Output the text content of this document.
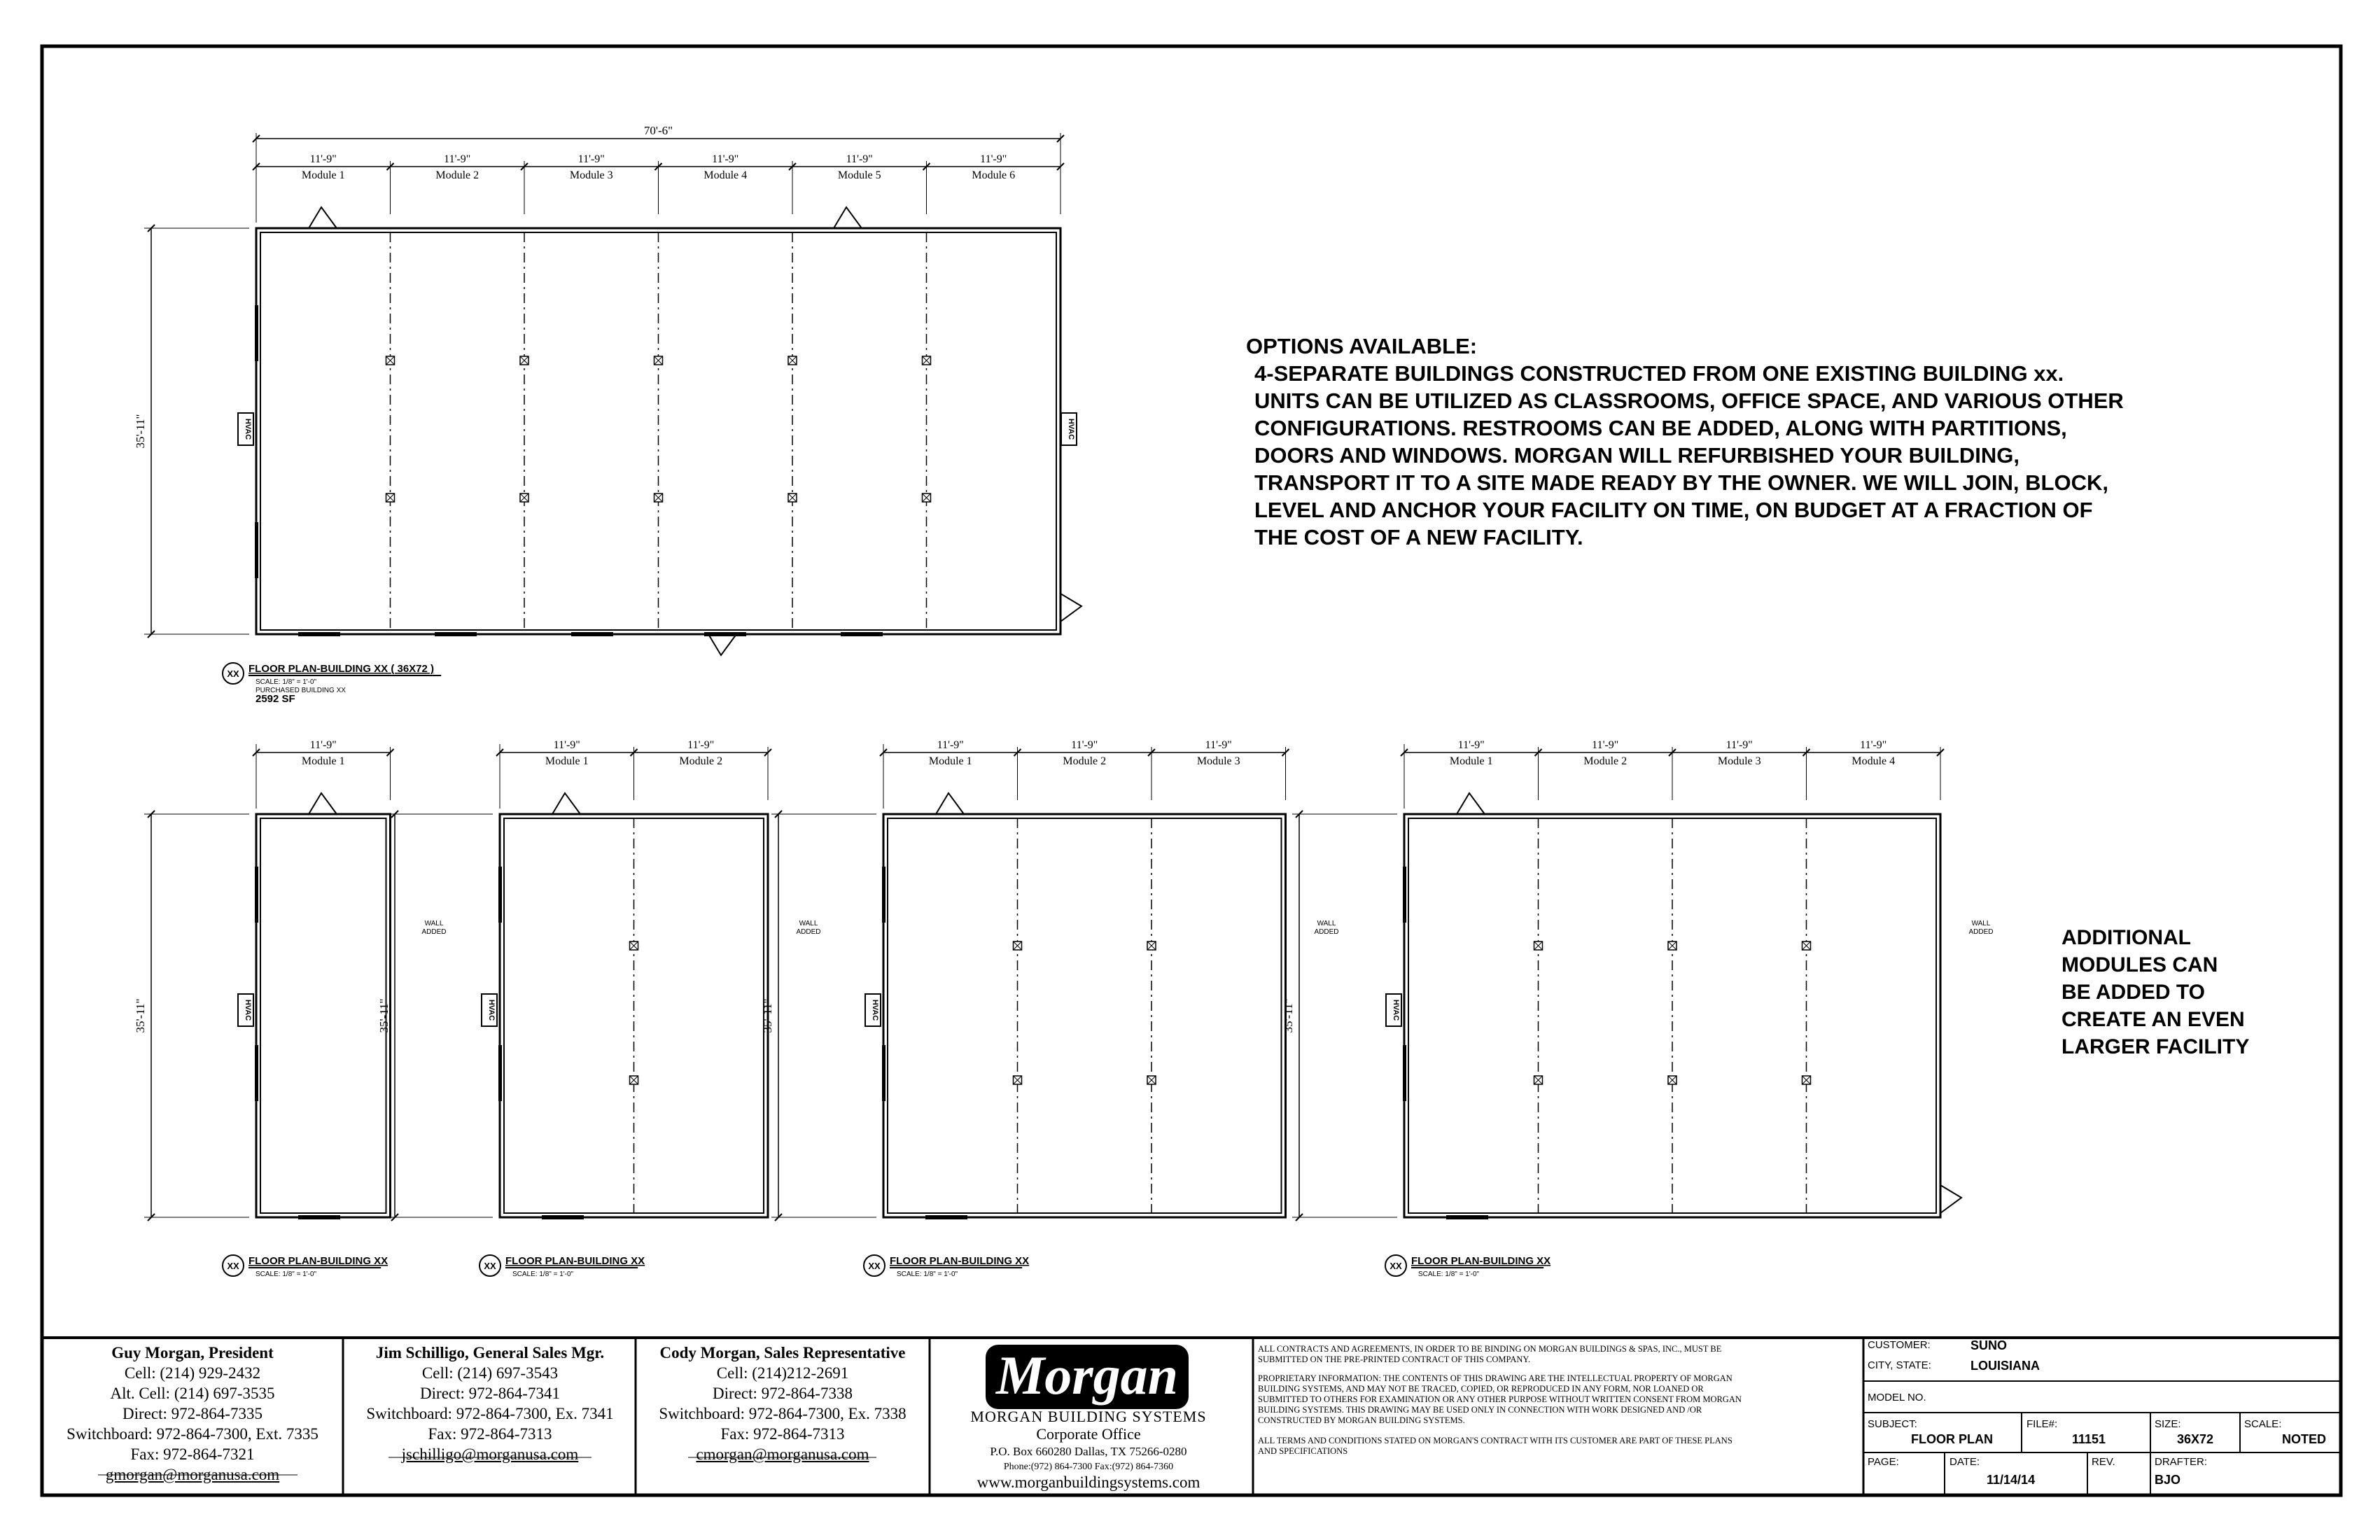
11'-9"
Module 1
11'-9"
Module 2
11'-9"
Module 3
11'-9"
Module 4
11'-9"
Module 5
11'-9"
Module 6
35'-11"	HVAC	HVAC
XX FLOOR PLAN-BUILDING XX ( 36X72 )
SCALE: 1/8" = 1'-0"
PURCHASED BUILDING XX
2592 SF
70'-6"
11'-9"
Module 1
35'-11"	HVAC
XX FLOOR PLAN-BUILDING XX
SCALE: 1/8" = 1'-0"
11'-9"
Module 1
11'-9"
Module 2
35'-11"	HVAC
XX FLOOR PLAN-BUILDING XX
SCALE: 1/8" = 1'-0"
WALL
ADDED
11'-9"
Module 1
11'-9"
Module 2
11'-9"
Module 3
35'-11"	HVAC
XX FLOOR PLAN-BUILDING XX
SCALE: 1/8" = 1'-0"
WALL
ADDED
11'-9"
Module 1
11'-9"
Module 2
11'-9"
Module 3
11'-9"
Module 4
35'-11"	HVAC
XX FLOOR PLAN-BUILDING XX
SCALE: 1/8" = 1'-0"
WALL
ADDED
WALL
ADDED
OPTIONS AVAILABLE:
4-SEPARATE BUILDINGS CONSTRUCTED FROM ONE EXISTING BUILDING xx.
UNITS CAN BE UTILIZED AS CLASSROOMS, OFFICE SPACE, AND VARIOUS OTHER
CONFIGURATIONS. RESTROOMS CAN BE ADDED, ALONG WITH PARTITIONS,
DOORS AND WINDOWS. MORGAN WILL REFURBISHED YOUR BUILDING,
TRANSPORT IT TO A SITE MADE READY BY THE OWNER. WE WILL JOIN, BLOCK,
LEVEL AND ANCHOR YOUR FACILITY ON TIME, ON BUDGET AT A FRACTION OF
THE COST OF A NEW FACILITY.
ADDITIONAL
MODULES CAN
BE ADDED TO
CREATE AN EVEN
LARGER FACILITY
Guy Morgan, President
Cell: (214) 929-2432
Alt. Cell: (214) 697-3535
Direct: 972-864-7335
Switchboard: 972-864-7300, Ext. 7335
Fax: 972-864-7321
gmorgan@morganusa.com
Jim Schilligo, General Sales Mgr.
Cell: (214) 697-3543
Direct: 972-864-7341
Switchboard: 972-864-7300, Ex. 7341
Fax: 972-864-7313
jschilligo@morganusa.com
Cody Morgan, Sales Representative
Cell: (214)212-2691
Direct: 972-864-7338
Switchboard: 972-864-7300, Ex. 7338
Fax: 972-864-7313
cmorgan@morganusa.com
Morgan
MORGAN BUILDING SYSTEMS
Corporate Office
P.O. Box 660280 Dallas, TX 75266-0280
Phone:(972) 864-7300 Fax:(972) 864-7360
www.morganbuildingsystems.com
ALL CONTRACTS AND AGREEMENTS, IN ORDER TO BE BINDING ON MORGAN BUILDINGS & SPAS, INC., MUST BE
SUBMITTED ON THE PRE-PRINTED CONTRACT OF THIS COMPANY.
PROPRIETARY INFORMATION: THE CONTENTS OF THIS DRAWING ARE THE INTELLECTUAL PROPERTY OF MORGAN
BUILDING SYSTEMS, AND MAY NOT BE TRACED, COPIED, OR REPRODUCED IN ANY FORM, NOR LOANED OR
SUBMITTED TO OTHERS FOR EXAMINATION OR ANY OTHER PURPOSE WITHOUT WRITTEN CONSENT FROM MORGAN
BUILDING SYSTEMS. THIS DRAWING MAY BE USED ONLY IN CONNECTION WITH WORK DESIGNED AND /OR
CONSTRUCTED BY MORGAN BUILDING SYSTEMS.
ALL TERMS AND CONDITIONS STATED ON MORGAN'S CONTRACT WITH ITS CUSTOMER ARE PART OF THESE PLANS
AND SPECIFICATIONS
CUSTOMER:	SUNO
CITY, STATE:	LOUISIANA
MODEL NO.
SUBJECT:
FLOOR PLAN
FILE#:
11151
SIZE:
36X72
SCALE:
NOTED
PAGE:	DATE:
11/14/14
REV.	DRAFTER:
BJO
